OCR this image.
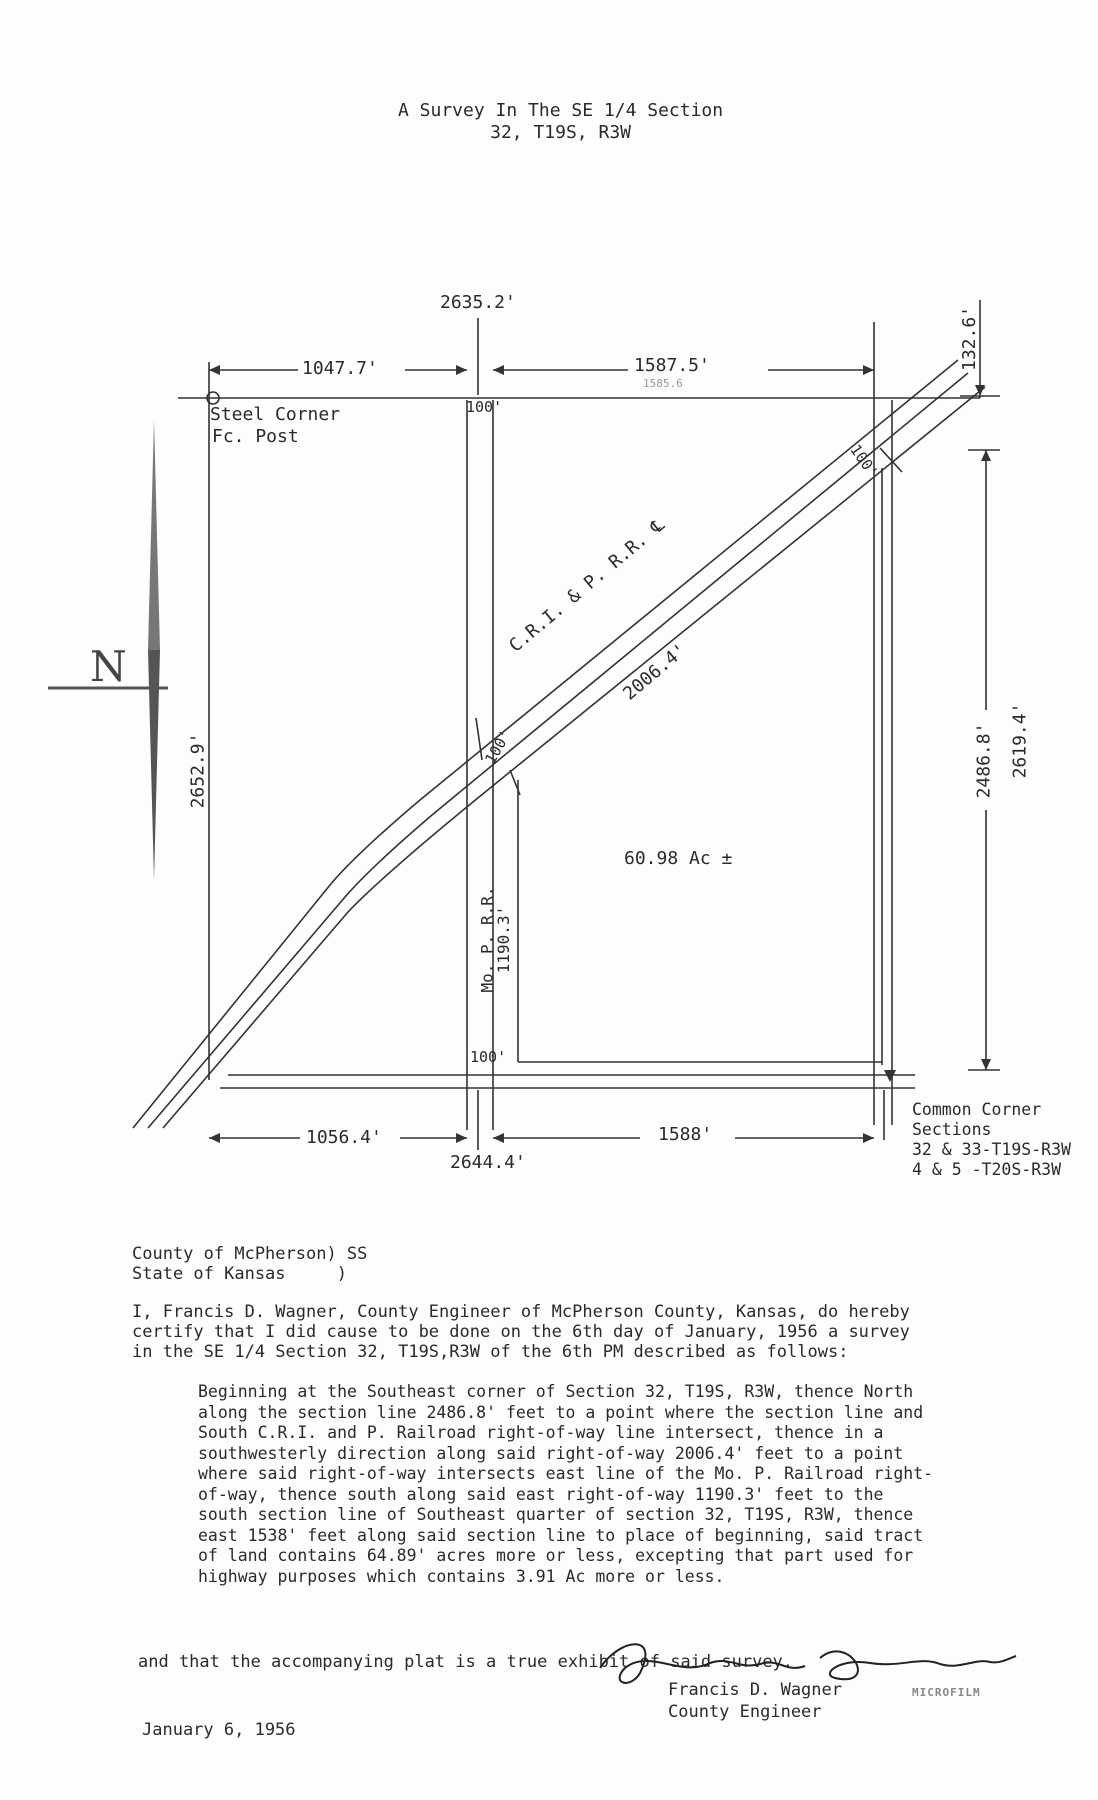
N
A Survey In The SE 1/4 Section
32, T19S, R3W
2635.2'
1047.7'	1587.5'
1585.6
132.6'
100'
Steel Corner
Fc. Post
2652.9'
C.R.I. & P. R.R. ℄
2006.4'
100'
100'
60.98 Ac ±
Mo. P. R.R.
1190.3'
100'
2486.8' 2619.4'
1056.4'	1588'
2644.4'
Common Corner
Sections
32 & 33-T19S-R3W
4 & 5 -T20S-R3W
County of McPherson) SS
State of Kansas     )
I, Francis D. Wagner, County Engineer of McPherson County, Kansas, do hereby
certify that I did cause to be done on the 6th day of January, 1956 a survey
in the SE 1/4 Section 32, T19S,R3W of the 6th PM described as follows:
Beginning at the Southeast corner of Section 32, T19S, R3W, thence North along the section line 2486.8' feet to a point where the section line and South C.R.I. and P. Railroad right-of-way line intersect, thence in a southwesterly direction along said right-of-way 2006.4' feet to a point where said right-of-way intersects east line of the Mo. P. Railroad right-of-way, thence south along said east right-of-way 1190.3' feet to the south section line of Southeast quarter of section 32, T19S, R3W, thence east 1538' feet along said section line to place of beginning, said tract of land contains 64.89' acres more or less, excepting that part used for highway purposes which contains 3.91 Ac more or less.
and that the accompanying plat is a true exhibit of said survey.
Francis D. Wagner
County Engineer
January 6, 1956
MICROFILM
